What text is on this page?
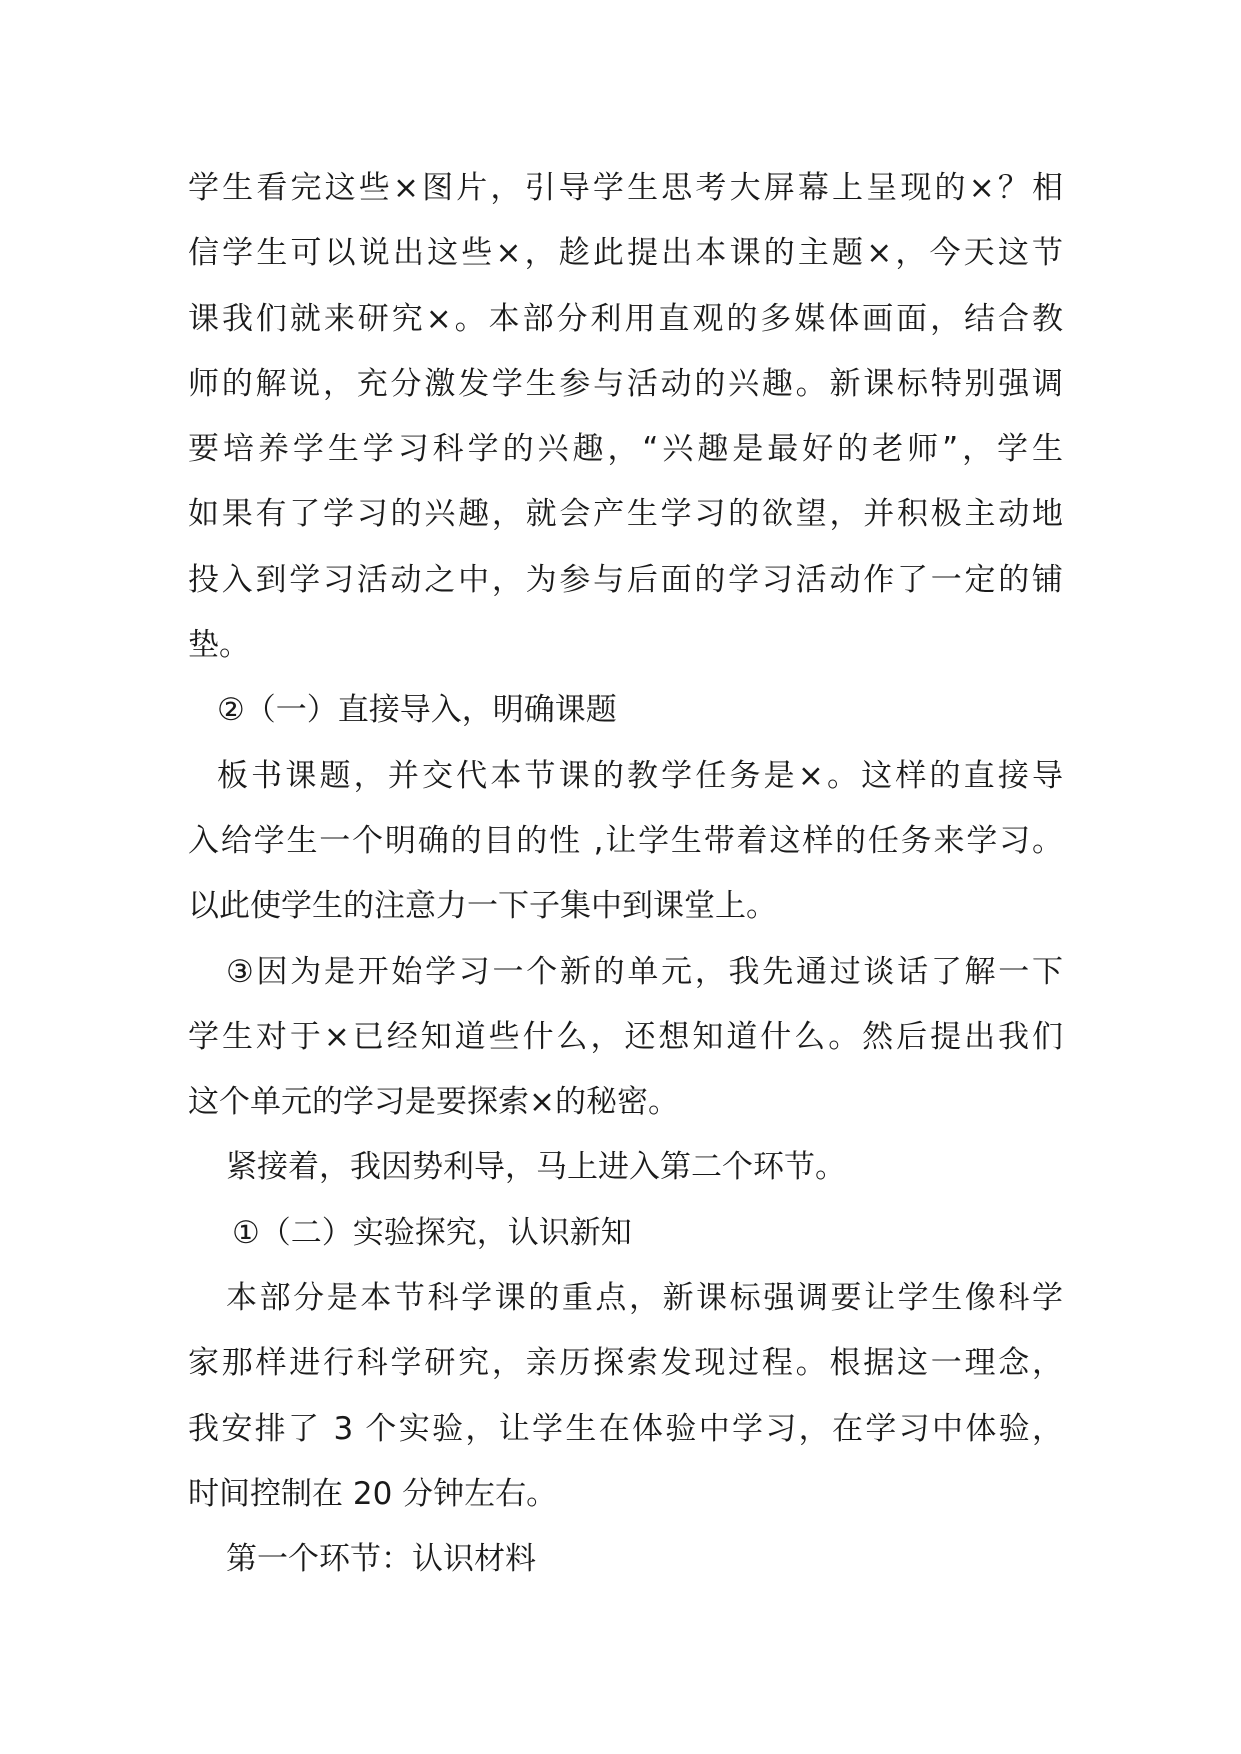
学生看完这些×图片，引导学生思考大屏幕上呈现的×？相
信学生可以说出这些×，趁此提出本课的主题×，今天这节
课我们就来研究×。本部分利用直观的多媒体画面，结合教
师的解说，充分激发学生参与活动的兴趣。新课标特别强调
要培养学生学习科学的兴趣，“兴趣是最好的老师”，学生
如果有了学习的兴趣，就会产生学习的欲望，并积极主动地
投入到学习活动之中，为参与后面的学习活动作了一定的铺
垫。
②（一）直接导入，明确课题
板书课题，并交代本节课的教学任务是×。这样的直接导
入给学生一个明确的目的性 ,让学生带着这样的任务来学习。
以此使学生的注意力一下子集中到课堂上。
③因为是开始学习一个新的单元，我先通过谈话了解一下
学生对于×已经知道些什么，还想知道什么。然后提出我们
这个单元的学习是要探索×的秘密。
紧接着，我因势利导，马上进入第二个环节。
①（二）实验探究，认识新知
本部分是本节科学课的重点，新课标强调要让学生像科学
家那样进行科学研究，亲历探索发现过程。根据这一理念，
我安排了 3 个实验，让学生在体验中学习，在学习中体验，
时间控制在 20 分钟左右。
第一个环节：认识材料
